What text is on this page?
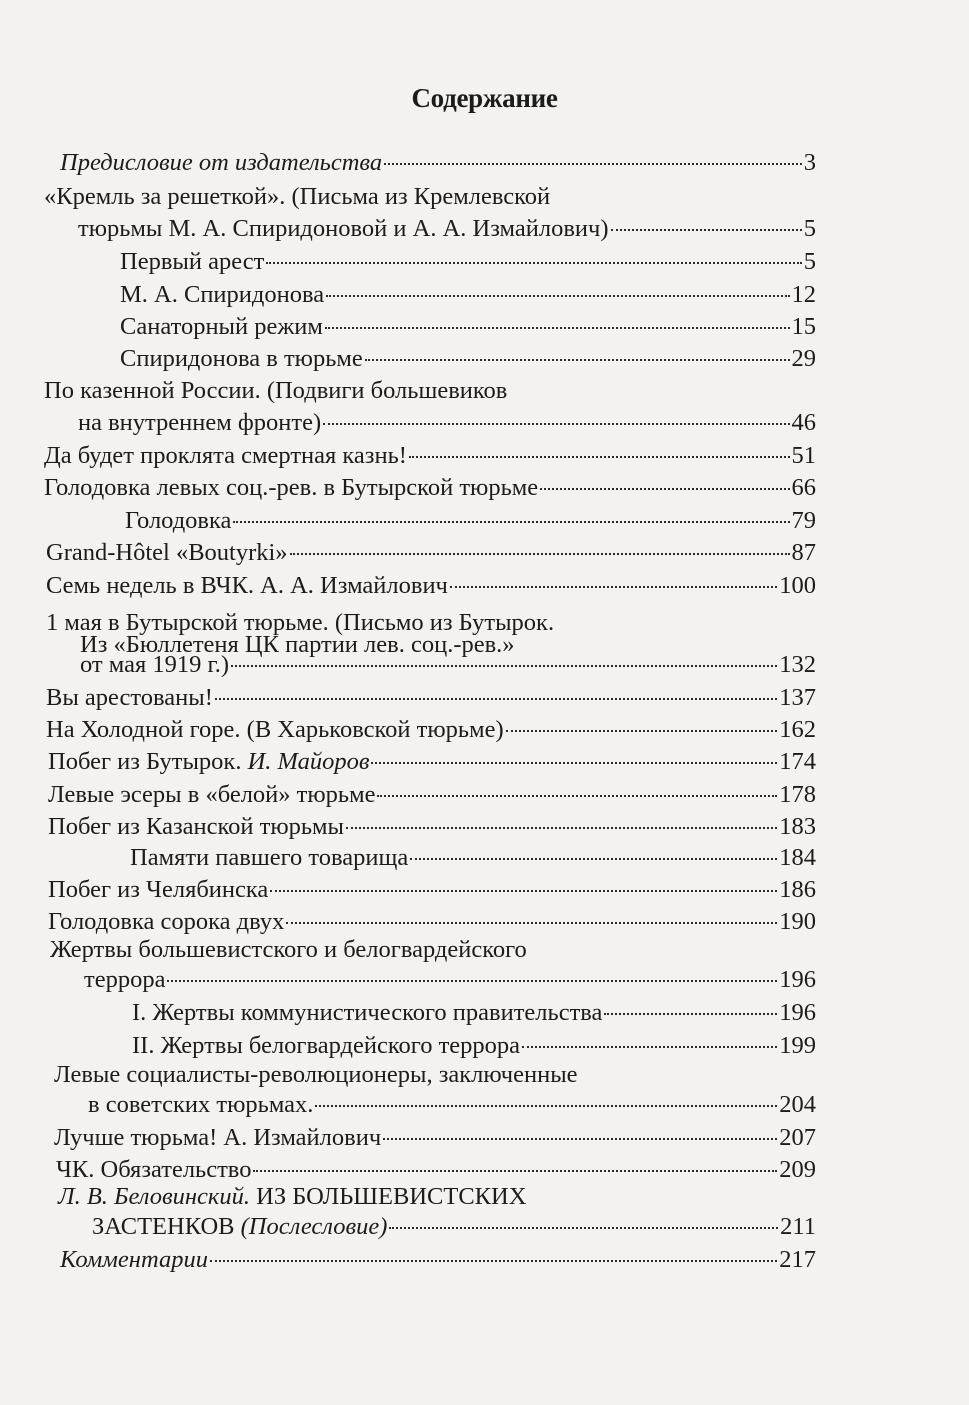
Содержание
Предисловие от издательства	3
«Кремль за решеткой». (Письма из Кремлевской
тюрьмы М. А. Спиридоновой и А. А. Измайлович)	5
Первый арест	5
М. А. Спиридонова	12
Санаторный режим	15
Спиридонова в тюрьме	29
По казенной России. (Подвиги большевиков
на внутреннем фронте)	46
Да будет проклята смертная казнь!	51
Голодовка левых соц.-рев. в Бутырской тюрьме	66
Голодовка	79
Grand-Hôtel «Boutyrki»	87
Семь недель в ВЧК. А. А. Измайлович	100
1 мая в Бутырской тюрьме. (Письмо из Бутырок.
Из «Бюллетеня ЦК партии лев. соц.-рев.»
от мая 1919 г.)	132
Вы арестованы!	137
На Холодной горе. (В Харьковской тюрьме)	162
Побег из Бутырок. И. Майоров	174
Левые эсеры в «белой» тюрьме	178
Побег из Казанской тюрьмы	183
Памяти павшего товарища	184
Побег из Челябинска	186
Голодовка сорока двух	190
Жертвы большевистского и белогвардейского
террора	196
I. Жертвы коммунистического правительства	196
II. Жертвы белогвардейского террора	199
Левые социалисты-революционеры, заключенные
в советских тюрьмах.	204
Лучше тюрьма! А. Измайлович	207
ЧК. Обязательство	209
Л. В. Беловинский. ИЗ БОЛЬШЕВИСТСКИХ
ЗАСТЕНКОВ (Послесловие)	211
Комментарии	217
